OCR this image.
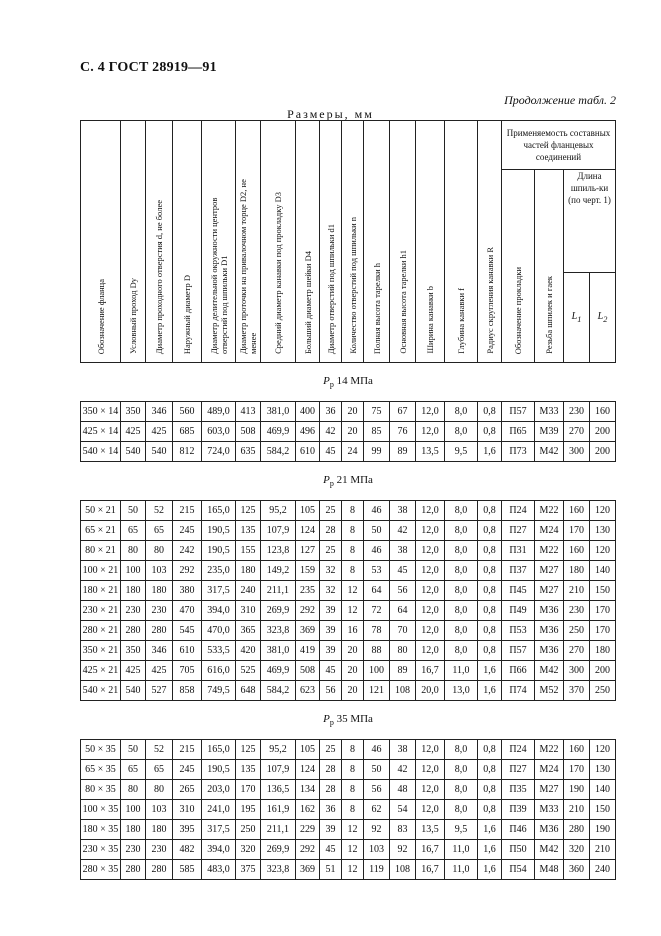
С. 4 ГОСТ 28919—91
Продолжение табл. 2
Размеры, мм
Обозначение фланца	Условный проход Dу	Диаметр проходного отверстия d, не более	Наружный диаметр D	Диаметр делительной окружности центров отверстий под шпильки D1	Диаметр проточки на привалочном торце D2, не менее	Средний диаметр канавки под прокладку D3	Больший диаметр шейки D4	Диаметр отверстий под шпильки d1	Количество отверстий под шпильки n	Полная высота тарелки h	Основная высота тарелки h1	Ширина канавки b	Глубина канавки f	Радиус скругления канавки R	Применяемость составных частей фланцевых соединений			

															Обозначение прокладки	Резьба шпилек и гаек	Длина шпиль-ки (по черт. 1)	
																	$L_1$	$L_2$
$P_р$ 14 МПа																		
350 × 14	350	346	560	489,0	413	381,0	400	36	20	75	67	12,0	8,0	0,8	П57	М33	230	160
425 × 14	425	425	685	603,0	508	469,9	496	42	20	85	76	12,0	8,0	0,8	П65	М39	270	200
540 × 14	540	540	812	724,0	635	584,2	610	45	24	99	89	13,5	9,5	1,6	П73	М42	300	200
$P_р$ 21 МПа																		
50 × 21	50	52	215	165,0	125	95,2	105	25	8	46	38	12,0	8,0	0,8	П24	М22	160	120
65 × 21	65	65	245	190,5	135	107,9	124	28	8	50	42	12,0	8,0	0,8	П27	М24	170	130
80 × 21	80	80	242	190,5	155	123,8	127	25	8	46	38	12,0	8,0	0,8	П31	М22	160	120
100 × 21	100	103	292	235,0	180	149,2	159	32	8	53	45	12,0	8,0	0,8	П37	М27	180	140
180 × 21	180	180	380	317,5	240	211,1	235	32	12	64	56	12,0	8,0	0,8	П45	М27	210	150
230 × 21	230	230	470	394,0	310	269,9	292	39	12	72	64	12,0	8,0	0,8	П49	М36	230	170
280 × 21	280	280	545	470,0	365	323,8	369	39	16	78	70	12,0	8,0	0,8	П53	М36	250	170
350 × 21	350	346	610	533,5	420	381,0	419	39	20	88	80	12,0	8,0	0,8	П57	М36	270	180
425 × 21	425	425	705	616,0	525	469,9	508	45	20	100	89	16,7	11,0	1,6	П66	М42	300	200
540 × 21	540	527	858	749,5	648	584,2	623	56	20	121	108	20,0	13,0	1,6	П74	М52	370	250
$P_р$ 35 МПа																		
50 × 35	50	52	215	165,0	125	95,2	105	25	8	46	38	12,0	8,0	0,8	П24	М22	160	120
65 × 35	65	65	245	190,5	135	107,9	124	28	8	50	42	12,0	8,0	0,8	П27	М24	170	130
80 × 35	80	80	265	203,0	170	136,5	134	28	8	56	48	12,0	8,0	0,8	П35	М27	190	140
100 × 35	100	103	310	241,0	195	161,9	162	36	8	62	54	12,0	8,0	0,8	П39	М33	210	150
180 × 35	180	180	395	317,5	250	211,1	229	39	12	92	83	13,5	9,5	1,6	П46	М36	280	190
230 × 35	230	230	482	394,0	320	269,9	292	45	12	103	92	16,7	11,0	1,6	П50	М42	320	210
280 × 35	280	280	585	483,0	375	323,8	369	51	12	119	108	16,7	11,0	1,6	П54	М48	360	240
